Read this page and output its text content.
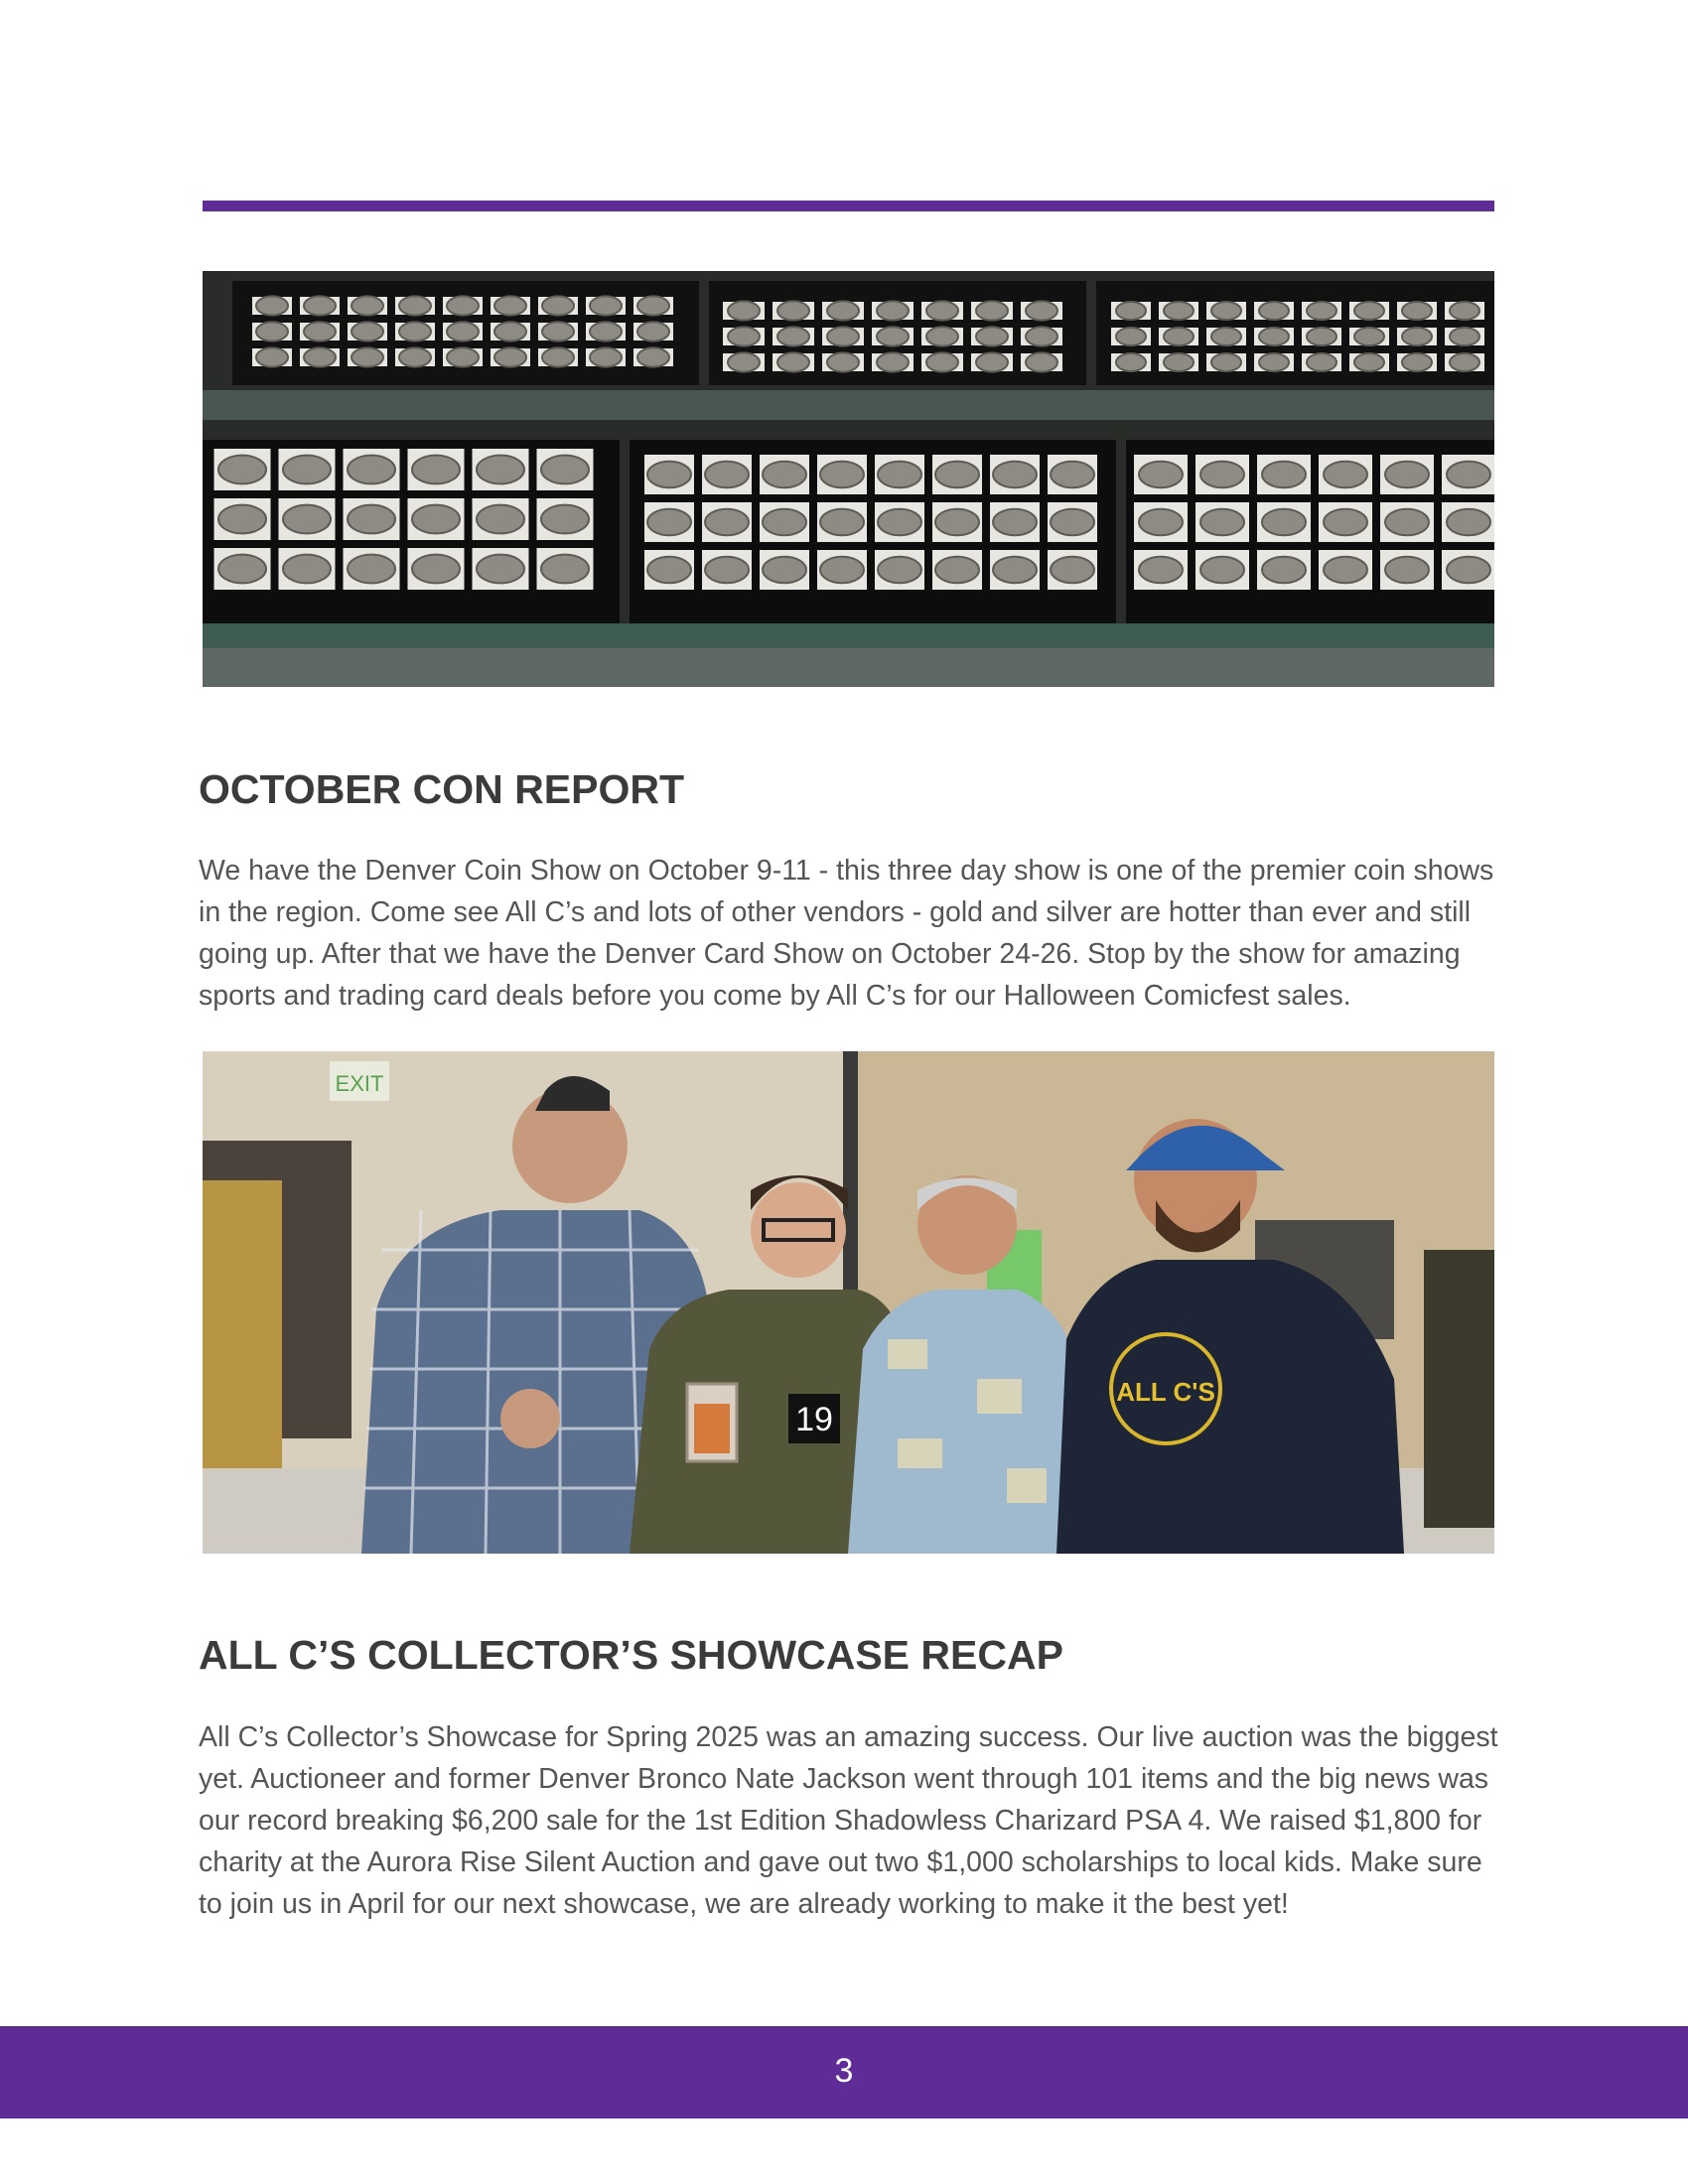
OCTOBER CON REPORT

We have the Denver Coin Show on October 9-11 - this three day show is one of the premier coin shows in the region. Come see All C’s and lots of other vendors - gold and silver are hotter than ever and still going up. After that we have the Denver Card Show on October 24-26. Stop by the show for amazing sports and trading card deals before you come by All C’s for our Halloween Comicfest sales.

EXIT
19
ALL C'S
ALL C’S COLLECTOR’S SHOWCASE RECAP

All C’s Collector’s Showcase for Spring 2025 was an amazing success. Our live auction was the biggest yet. Auctioneer and former Denver Bronco Nate Jackson went through 101 items and the big news was our record breaking $6,200 sale for the 1st Edition Shadowless Charizard PSA 4. We raised $1,800 for charity at the Aurora Rise Silent Auction and gave out two $1,000 scholarships to local kids. Make sure to join us in April for our next showcase, we are already working to make it the best yet!

3
